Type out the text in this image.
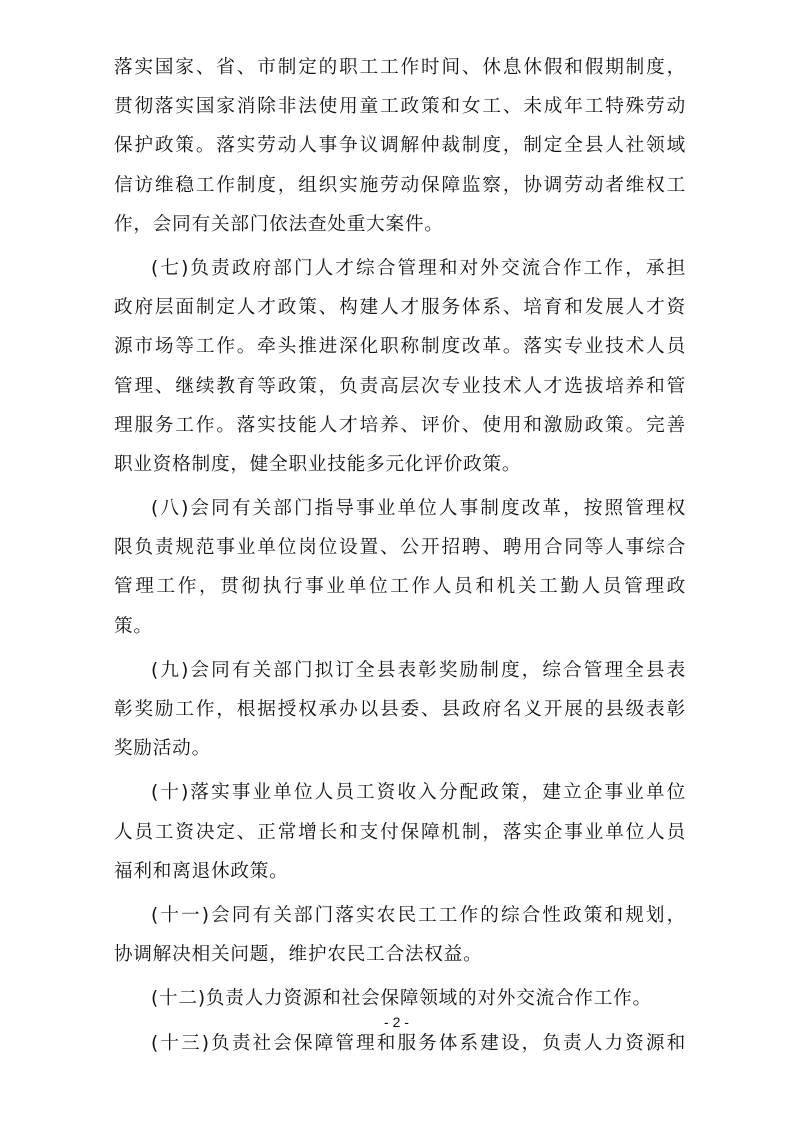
落实国家、省、市制定的职工工作时间、休息休假和假期制度，
贯彻落实国家消除非法使用童工政策和女工、未成年工特殊劳动
保护政策。落实劳动人事争议调解仲裁制度，制定全县人社领域
信访维稳工作制度，组织实施劳动保障监察，协调劳动者维权工
作，会同有关部门依法查处重大案件。
(七)负责政府部门人才综合管理和对外交流合作工作，承担
政府层面制定人才政策、构建人才服务体系、培育和发展人才资
源市场等工作。牵头推进深化职称制度改革。落实专业技术人员
管理、继续教育等政策，负责高层次专业技术人才选拔培养和管
理服务工作。落实技能人才培养、评价、使用和激励政策。完善
职业资格制度，健全职业技能多元化评价政策。
(八)会同有关部门指导事业单位人事制度改革，按照管理权
限负责规范事业单位岗位设置、公开招聘、聘用合同等人事综合
管理工作，贯彻执行事业单位工作人员和机关工勤人员管理政
策。
(九)会同有关部门拟订全县表彰奖励制度，综合管理全县表
彰奖励工作，根据授权承办以县委、县政府名义开展的县级表彰
奖励活动。
(十)落实事业单位人员工资收入分配政策，建立企事业单位
人员工资决定、正常增长和支付保障机制，落实企事业单位人员
福利和离退休政策。
(十一)会同有关部门落实农民工工作的综合性政策和规划，
协调解决相关问题，维护农民工合法权益。
(十二)负责人力资源和社会保障领域的对外交流合作工作。
(十三)负责社会保障管理和服务体系建设，负责人力资源和
- 2 -
